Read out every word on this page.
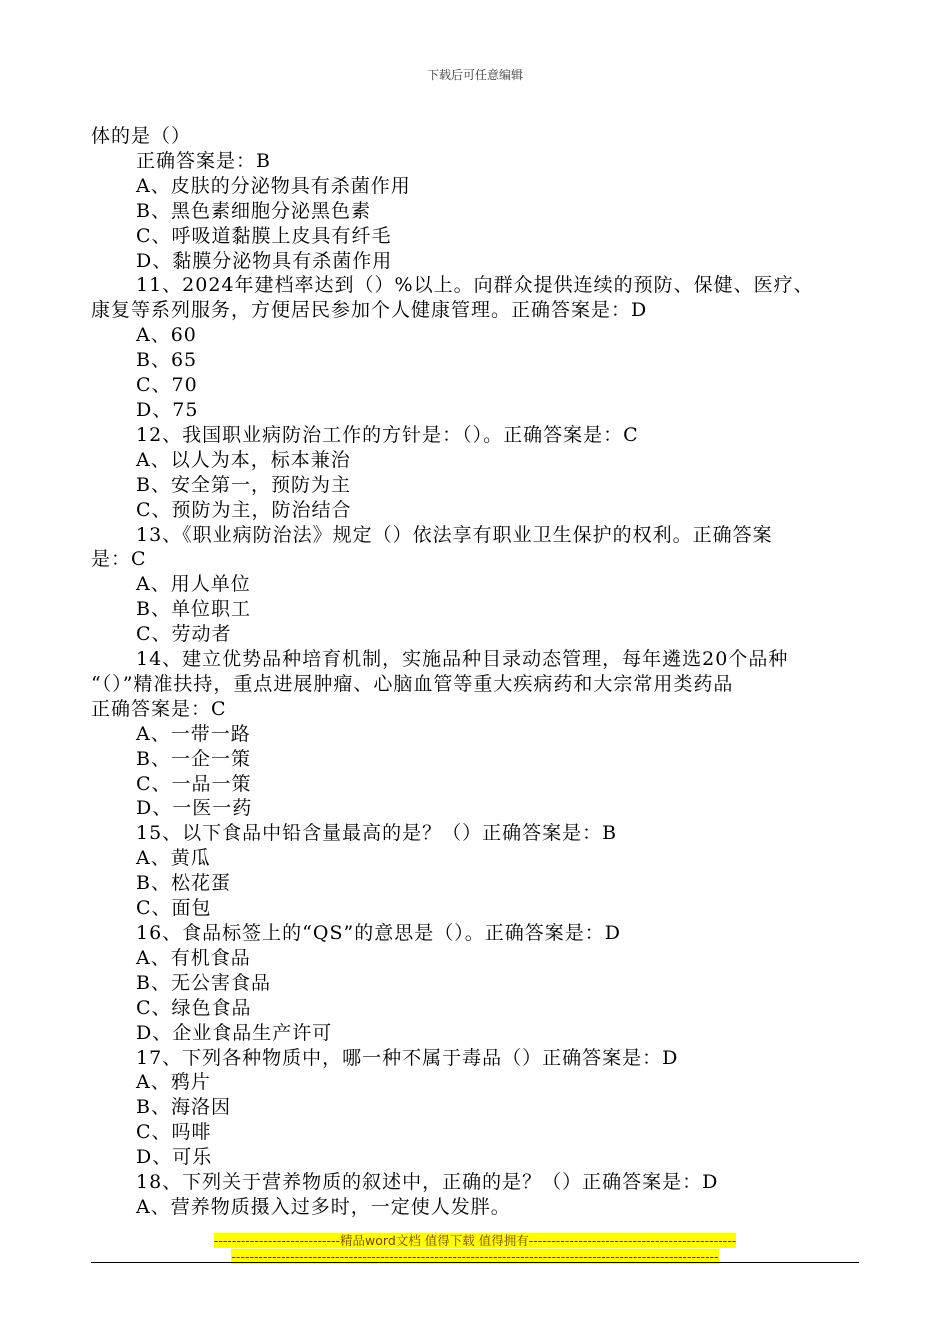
下载后可任意编辑
体的是（）
正确答案是：B
A、皮肤的分泌物具有杀菌作用
B、黑色素细胞分泌黑色素
C、呼吸道黏膜上皮具有纤毛
D、黏膜分泌物具有杀菌作用
11、2024年建档率达到（）%以上。向群众提供连续的预防、保健、医疗、
康复等系列服务，方便居民参加个人健康管理。正确答案是：D
A、60
B、65
C、70
D、75
12、我国职业病防治工作的方针是：（）。正确答案是：C
A、以人为本，标本兼治
B、安全第一，预防为主
C、预防为主，防治结合
13、《职业病防治法》规定（）依法享有职业卫生保护的权利。正确答案
是：C
A、用人单位
B、单位职工
C、劳动者
14、建立优势品种培育机制，实施品种目录动态管理，每年遴选20个品种
“（）”精准扶持，重点进展肿瘤、心脑血管等重大疾病药和大宗常用类药品
正确答案是：C
A、一带一路
B、一企一策
C、一品一策
D、一医一药
15、以下食品中铅含量最高的是？（）正确答案是：B
A、黄瓜
B、松花蛋
C、面包
16、食品标签上的“QS”的意思是（）。正确答案是：D
A、有机食品
B、无公害食品
C、绿色食品
D、企业食品生产许可
17、下列各种物质中，哪一种不属于毒品（）正确答案是：D
A、鸦片
B、海洛因
C、吗啡
D、可乐
18、下列关于营养物质的叙述中，正确的是？（）正确答案是：D
A、营养物质摄入过多时，一定使人发胖。
----------------------------精品word文档 值得下载 值得拥有----------------------------------------------
------------------------------------------------------------------------------------------------------------
